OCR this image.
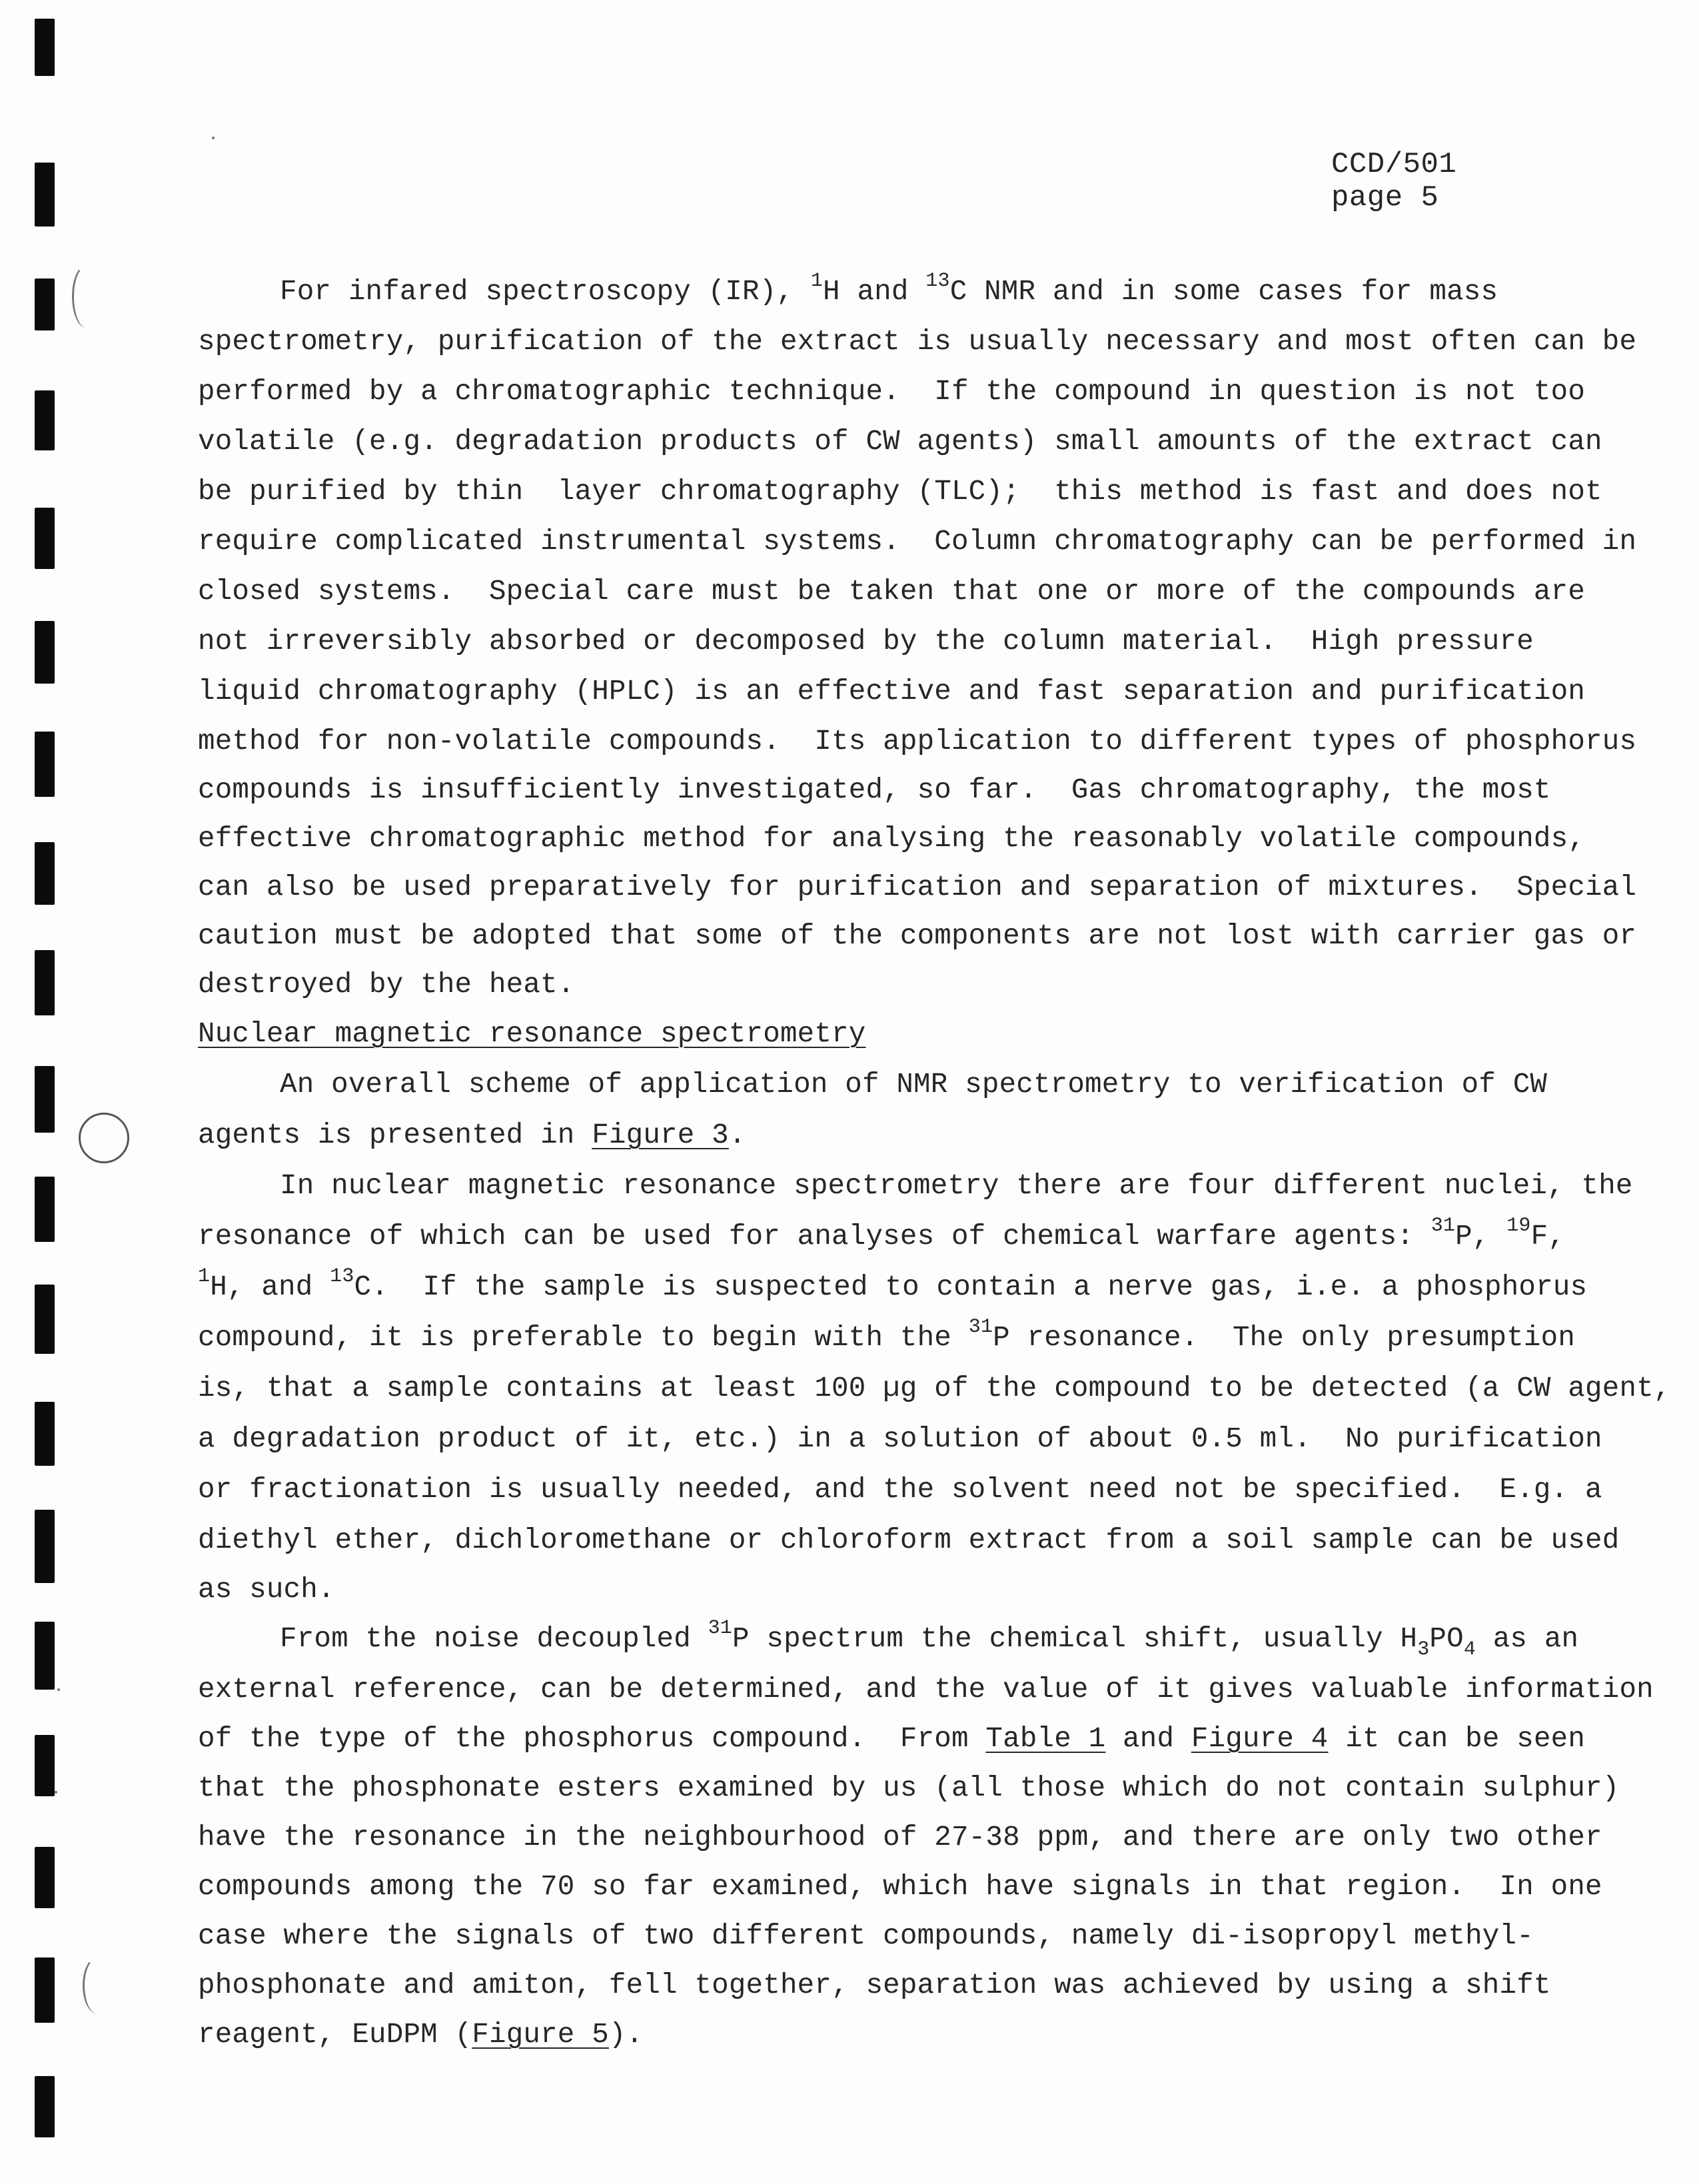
CCD/501
page 5
For infared spectroscopy (IR), $^1$H and $^{13}$C NMR and in some cases for mass
spectrometry, purification of the extract is usually necessary and most often can be
performed by a chromatographic technique.  If the compound in question is not too
volatile (e.g. degradation products of CW agents) small amounts of the extract can
be purified by thin  layer chromatography (TLC);  this method is fast and does not
require complicated instrumental systems.  Column chromatography can be performed in
closed systems.  Special care must be taken that one or more of the compounds are
not irreversibly absorbed or decomposed by the column material.  High pressure
liquid chromatography (HPLC) is an effective and fast separation and purification
method for non-volatile compounds.  Its application to different types of phosphorus
compounds is insufficiently investigated, so far.  Gas chromatography, the most
effective chromatographic method for analysing the reasonably volatile compounds,
can also be used preparatively for purification and separation of mixtures.  Special
caution must be adopted that some of the components are not lost with carrier gas or
destroyed by the heat.
Nuclear magnetic resonance spectrometry
An overall scheme of application of NMR spectrometry to verification of CW
agents is presented in Figure 3.
In nuclear magnetic resonance spectrometry there are four different nuclei, the
resonance of which can be used for analyses of chemical warfare agents: $^{31}$P, $^{19}$F,
$^1$H, and $^{13}$C.  If the sample is suspected to contain a nerve gas, i.e. a phosphorus
compound, it is preferable to begin with the $^{31}$P resonance.  The only presumption
is, that a sample contains at least 100 µg of the compound to be detected (a CW agent,
a degradation product of it, etc.) in a solution of about 0.5 ml.  No purification
or fractionation is usually needed, and the solvent need not be specified.  E.g. a
diethyl ether, dichloromethane or chloroform extract from a soil sample can be used
as such.
From the noise decoupled $^{31}$P spectrum the chemical shift, usually $H_3PO_4$ as an
external reference, can be determined, and the value of it gives valuable information
of the type of the phosphorus compound.  From Table 1 and Figure 4 it can be seen
that the phosphonate esters examined by us (all those which do not contain sulphur)
have the resonance in the neighbourhood of 27-38 ppm, and there are only two other
compounds among the 70 so far examined, which have signals in that region.  In one
case where the signals of two different compounds, namely di-isopropyl methyl-
phosphonate and amiton, fell together, separation was achieved by using a shift
reagent, EuDPM (Figure 5).
